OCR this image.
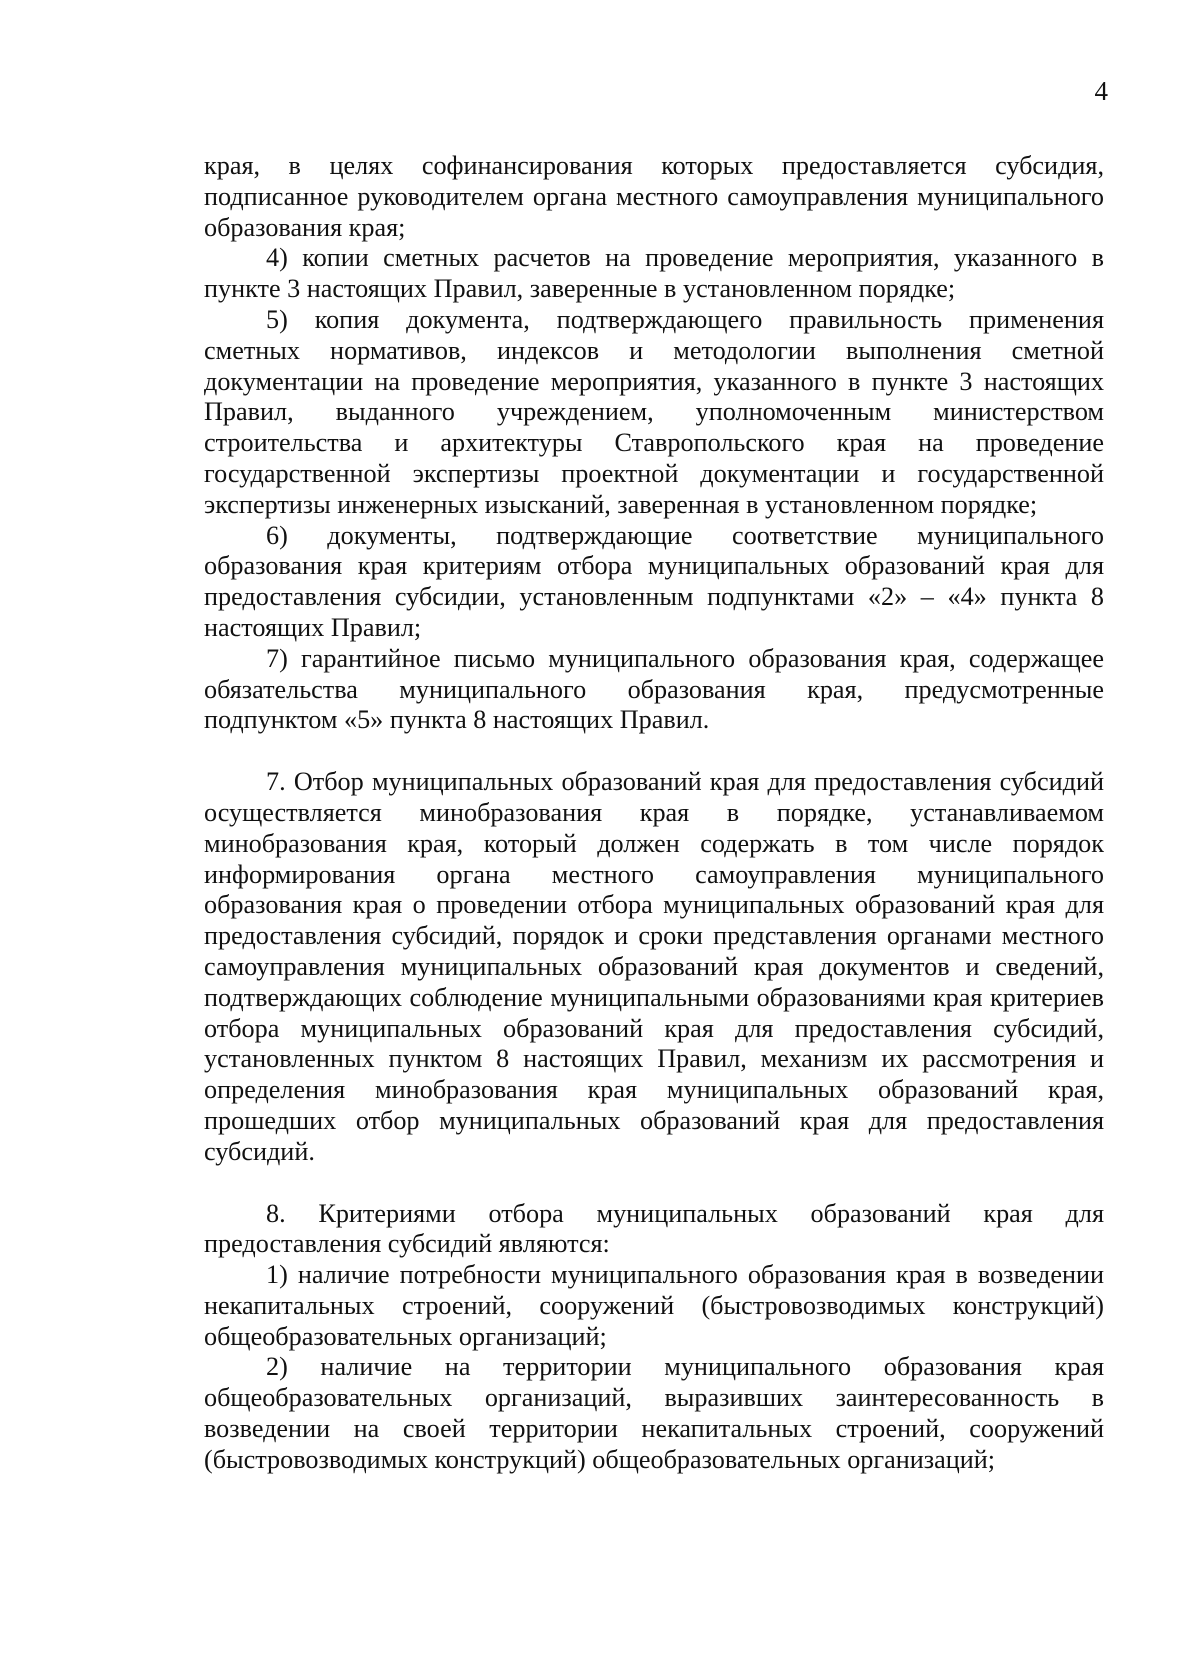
4

края, в целях софинансирования которых предоставляется субсидия, подписанное руководителем органа местного самоуправления муниципального образования края;

4) копии сметных расчетов на проведение мероприятия, указанного в пункте 3 настоящих Правил, заверенные в установленном порядке;

5) копия документа, подтверждающего правильность применения сметных нормативов, индексов и методологии выполнения сметной документации на проведение мероприятия, указанного в пункте 3 настоящих Правил, выданного учреждением, уполномоченным министерством строительства и архитектуры Ставропольского края на проведение государственной экспертизы проектной документации и государственной экспертизы инженерных изысканий, заверенная в установленном порядке;

6) документы, подтверждающие соответствие муниципального образования края критериям отбора муниципальных образований края для предоставления субсидии, установленным подпунктами «2» – «4» пункта 8 настоящих Правил;

7) гарантийное письмо муниципального образования края, содержащее обязательства муниципального образования края, предусмотренные подпунктом «5» пункта 8 настоящих Правил.

7. Отбор муниципальных образований края для предоставления субсидий осуществляется минобразования края в порядке, устанавливаемом минобразования края, который должен содержать в том числе порядок информирования органа местного самоуправления муниципального образования края о проведении отбора муниципальных образований края для предоставления субсидий, порядок и сроки представления органами местного самоуправления муниципальных образований края документов и сведений, подтверждающих соблюдение муниципальными образованиями края критериев отбора муниципальных образований края для предоставления субсидий, установленных пунктом 8 настоящих Правил, механизм их рассмотрения и определения минобразования края муниципальных образований края, прошедших отбор муниципальных образований края для предоставления субсидий.

8. Критериями отбора муниципальных образований края для предоставления субсидий являются:

1) наличие потребности муниципального образования края в возведении некапитальных строений, сооружений (быстровозводимых конструкций) общеобразовательных организаций;

2) наличие на территории муниципального образования края общеобразовательных организаций, выразивших заинтересованность в возведении на своей территории некапитальных строений, сооружений (быстровозводимых конструкций) общеобразовательных организаций;
